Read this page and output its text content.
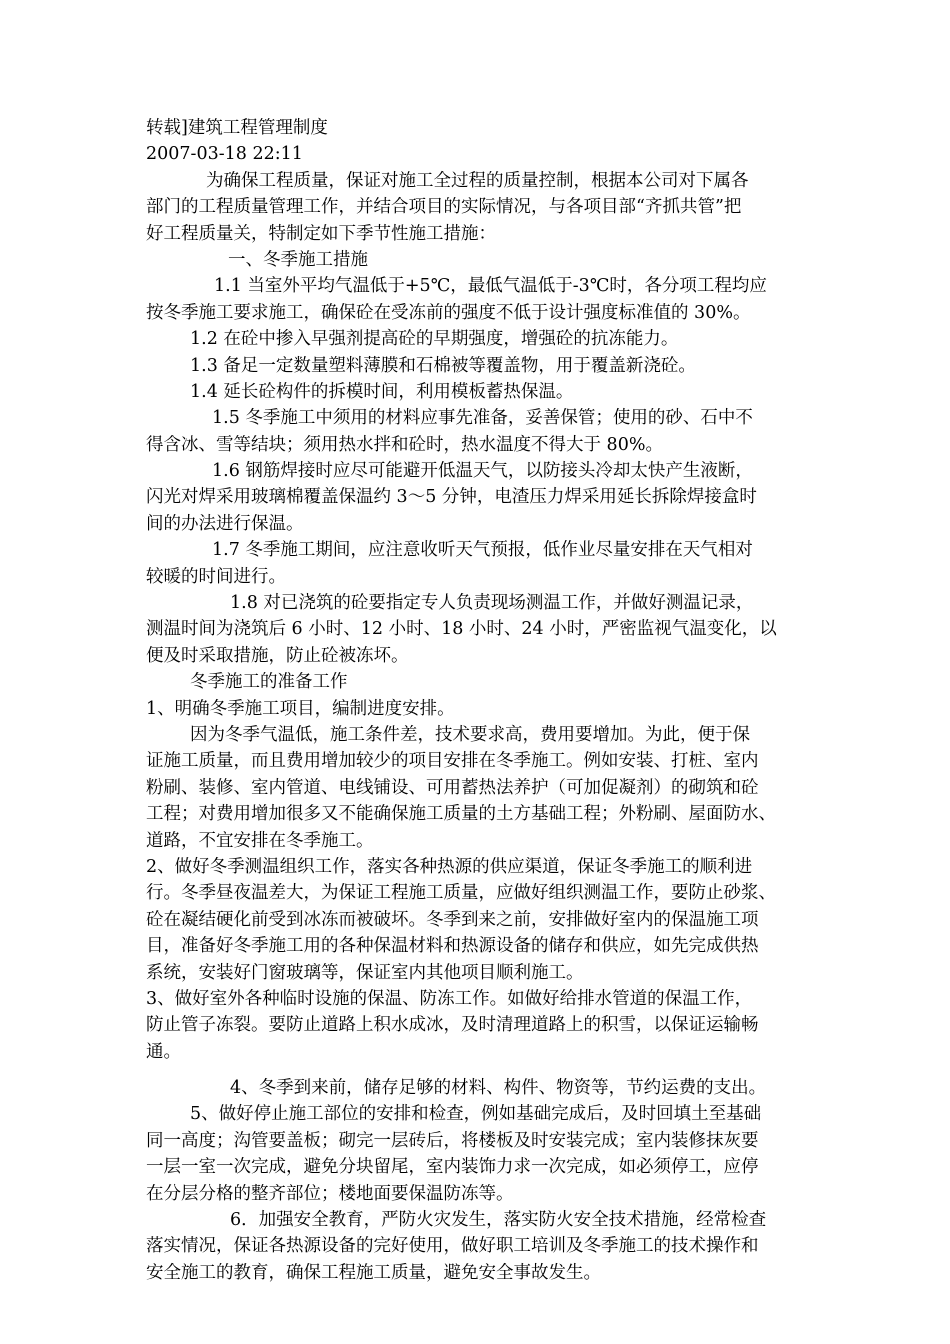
转载]建筑工程管理制度
2007-03-18 22:11
为确保工程质量，保证对施工全过程的质量控制，根据本公司对下属各
部门的工程质量管理工作，并结合项目的实际情况，与各项目部“齐抓共管”把
好工程质量关，特制定如下季节性施工措施：
一、冬季施工措施
1.1 当室外平均气温低于+5℃，最低气温低于-3℃时，各分项工程均应
按冬季施工要求施工，确保砼在受冻前的强度不低于设计强度标准值的 30%。
1.2 在砼中掺入早强剂提高砼的早期强度，增强砼的抗冻能力。
1.3 备足一定数量塑料薄膜和石棉被等覆盖物，用于覆盖新浇砼。
1.4 延长砼构件的拆模时间，利用模板蓄热保温。
1.5 冬季施工中须用的材料应事先准备，妥善保管；使用的砂、石中不
得含冰、雪等结块；须用热水拌和砼时，热水温度不得大于 80%。
1.6 钢筋焊接时应尽可能避开低温天气，以防接头冷却太快产生液断，
闪光对焊采用玻璃棉覆盖保温约 3～5 分钟，电渣压力焊采用延长拆除焊接盒时
间的办法进行保温。
1.7 冬季施工期间，应注意收听天气预报，低作业尽量安排在天气相对
较暖的时间进行。
1.8 对已浇筑的砼要指定专人负责现场测温工作，并做好测温记录，
测温时间为浇筑后 6 小时、12 小时、18 小时、24 小时，严密监视气温变化，以
便及时采取措施，防止砼被冻坏。
冬季施工的准备工作
1、明确冬季施工项目，编制进度安排。
因为冬季气温低，施工条件差，技术要求高，费用要增加。为此，便于保
证施工质量，而且费用增加较少的项目安排在冬季施工。例如安装、打桩、室内
粉刷、装修、室内管道、电线铺设、可用蓄热法养护（可加促凝剂）的砌筑和砼
工程；对费用增加很多又不能确保施工质量的土方基础工程；外粉刷、屋面防水、
道路，不宜安排在冬季施工。
2、做好冬季测温组织工作，落实各种热源的供应渠道，保证冬季施工的顺利进
行。冬季昼夜温差大，为保证工程施工质量，应做好组织测温工作，要防止砂浆、
砼在凝结硬化前受到冰冻而被破坏。冬季到来之前，安排做好室内的保温施工项
目，准备好冬季施工用的各种保温材料和热源设备的储存和供应，如先完成供热
系统，安装好门窗玻璃等，保证室内其他项目顺利施工。
3、做好室外各种临时设施的保温、防冻工作。如做好给排水管道的保温工作，
防止管子冻裂。要防止道路上积水成冰，及时清理道路上的积雪，以保证运输畅
通。
4、冬季到来前，储存足够的材料、构件、物资等，节约运费的支出。
5、做好停止施工部位的安排和检查，例如基础完成后，及时回填土至基础
同一高度；沟管要盖板；砌完一层砖后，将楼板及时安装完成；室内装修抹灰要
一层一室一次完成，避免分块留尾，室内装饰力求一次完成，如必须停工，应停
在分层分格的整齐部位；楼地面要保温防冻等。
6．加强安全教育，严防火灾发生，落实防火安全技术措施，经常检查
落实情况，保证各热源设备的完好使用，做好职工培训及冬季施工的技术操作和
安全施工的教育，确保工程施工质量，避免安全事故发生。
